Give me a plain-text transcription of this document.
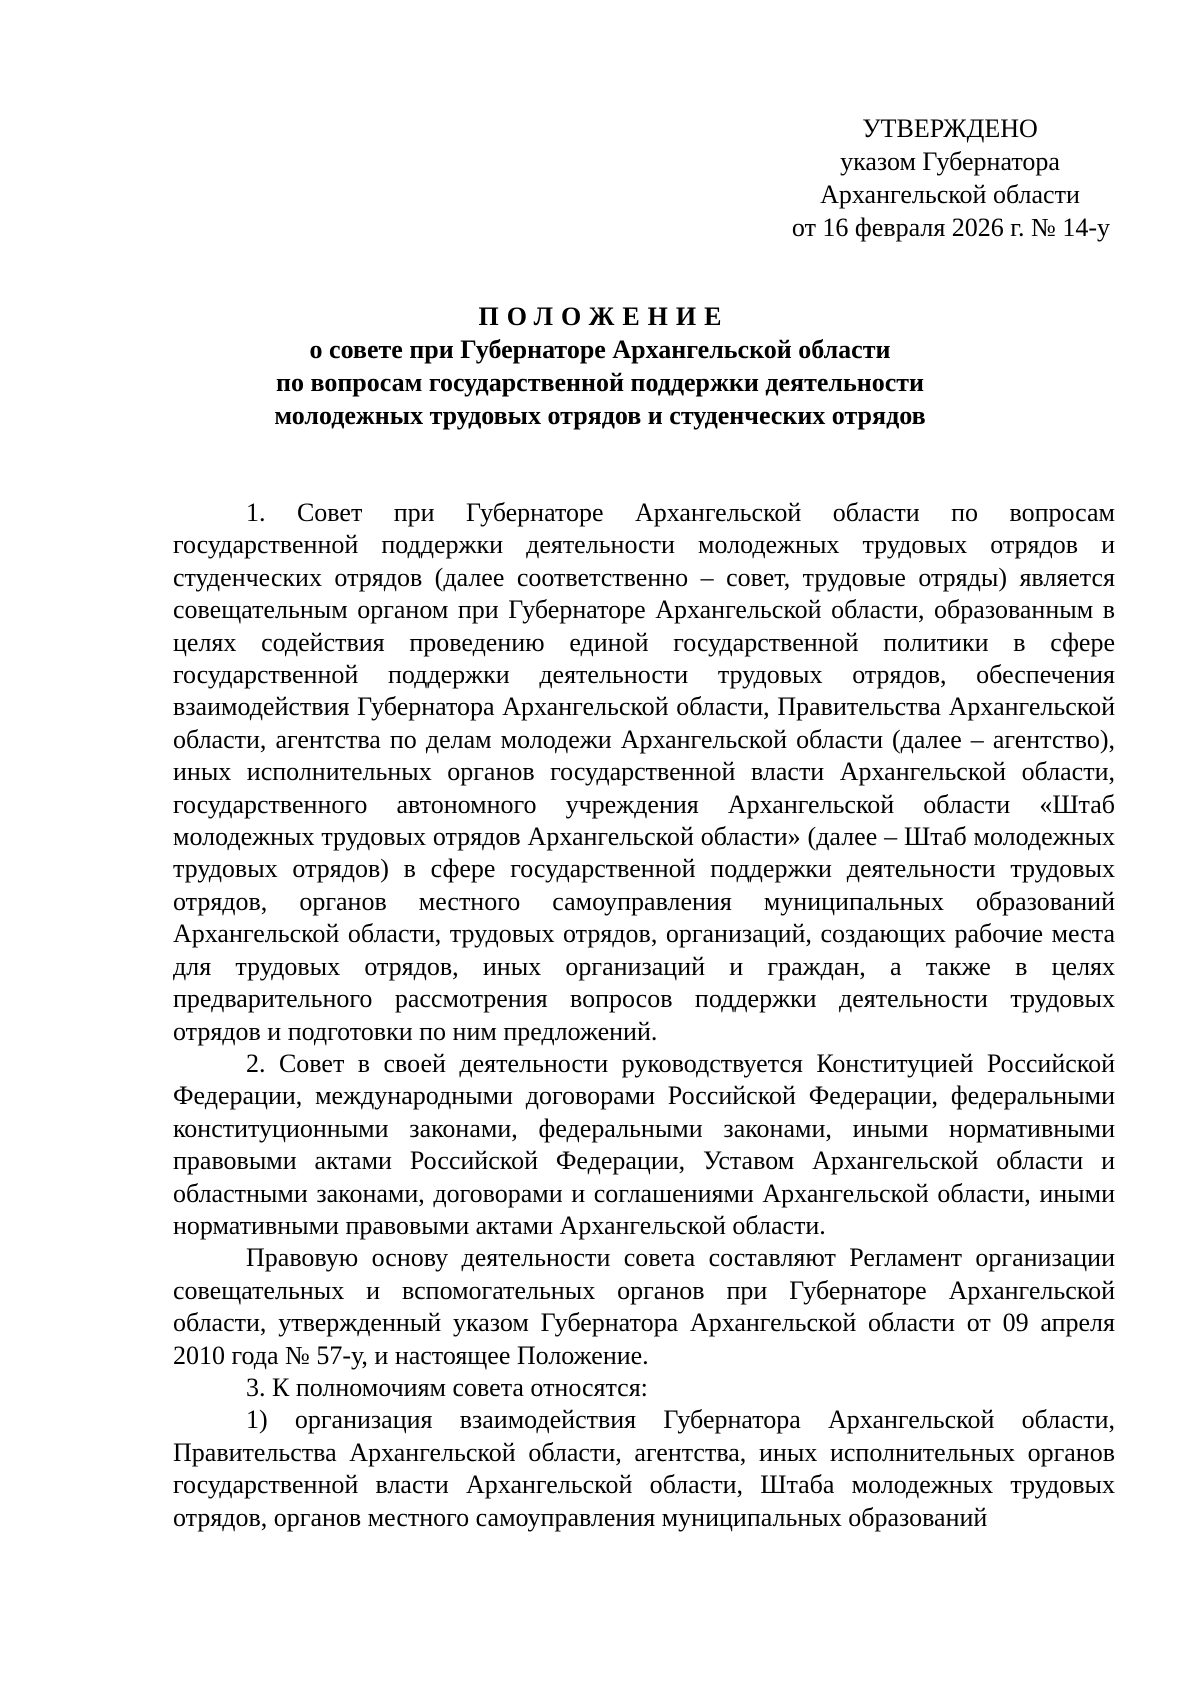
УТВЕРЖДЕНО
указом Губернатора
Архангельской области
от 16 февраля 2026 г. № 14-у
ПОЛОЖЕНИЕ
о совете при Губернаторе Архангельской области
по вопросам государственной поддержки деятельности
молодежных трудовых отрядов и студенческих отрядов

1. Совет при Губернаторе Архангельской области по вопросам государственной поддержки деятельности молодежных трудовых отрядов и студенческих отрядов (далее соответственно – совет, трудовые отряды) является совещательным органом при Губернаторе Архангельской области, образованным в целях содействия проведению единой государственной политики в сфере государственной поддержки деятельности трудовых отрядов, обеспечения взаимодействия Губернатора Архангельской области, Правительства Архангельской области, агентства по делам молодежи Архангельской области (далее – агентство), иных исполнительных органов государственной власти Архангельской области, государственного автономного учреждения Архангельской области «Штаб молодежных трудовых отрядов Архангельской области» (далее – Штаб молодежных трудовых отрядов) в сфере государственной поддержки деятельности трудовых отрядов, органов местного самоуправления муниципальных образований Архангельской области, трудовых отрядов, организаций, создающих рабочие места для трудовых отрядов, иных организаций и граждан, а также в целях предварительного рассмотрения вопросов поддержки деятельности трудовых отрядов и подготовки по ним предложений.

2. Совет в своей деятельности руководствуется Конституцией Российской Федерации, международными договорами Российской Федерации, федеральными конституционными законами, федеральными законами, иными нормативными правовыми актами Российской Федерации, Уставом Архангельской области и областными законами, договорами и соглашениями Архангельской области, иными нормативными правовыми актами Архангельской области.

Правовую основу деятельности совета составляют Регламент организации совещательных и вспомогательных органов при Губернаторе Архангельской области, утвержденный указом Губернатора Архангельской области от 09 апреля 2010 года № 57-у, и настоящее Положение.

3. К полномочиям совета относятся:

1) организация взаимодействия Губернатора Архангельской области, Правительства Архангельской области, агентства, иных исполнительных органов государственной власти Архангельской области, Штаба молодежных трудовых отрядов, органов местного самоуправления муниципальных образований
